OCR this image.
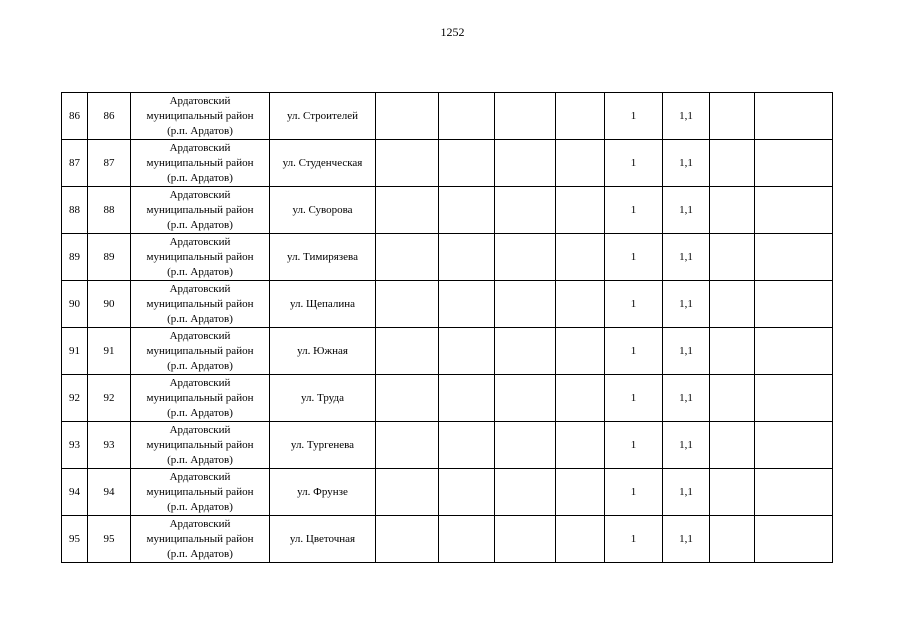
1252
86	86	Ардатовский
муниципальный район
(р.п. Ардатов)	ул. Строителей					1	1,1		
87	87	Ардатовский
муниципальный район
(р.п. Ардатов)	ул. Студенческая					1	1,1		
88	88	Ардатовский
муниципальный район
(р.п. Ардатов)	ул. Суворова					1	1,1		
89	89	Ардатовский
муниципальный район
(р.п. Ардатов)	ул. Тимирязева					1	1,1		
90	90	Ардатовский
муниципальный район
(р.п. Ардатов)	ул. Щепалина					1	1,1		
91	91	Ардатовский
муниципальный район
(р.п. Ардатов)	ул. Южная					1	1,1		
92	92	Ардатовский
муниципальный район
(р.п. Ардатов)	ул. Труда					1	1,1		
93	93	Ардатовский
муниципальный район
(р.п. Ардатов)	ул. Тургенева					1	1,1		
94	94	Ардатовский
муниципальный район
(р.п. Ардатов)	ул. Фрунзе					1	1,1		
95	95	Ардатовский
муниципальный район
(р.п. Ардатов)	ул. Цветочная					1	1,1		
